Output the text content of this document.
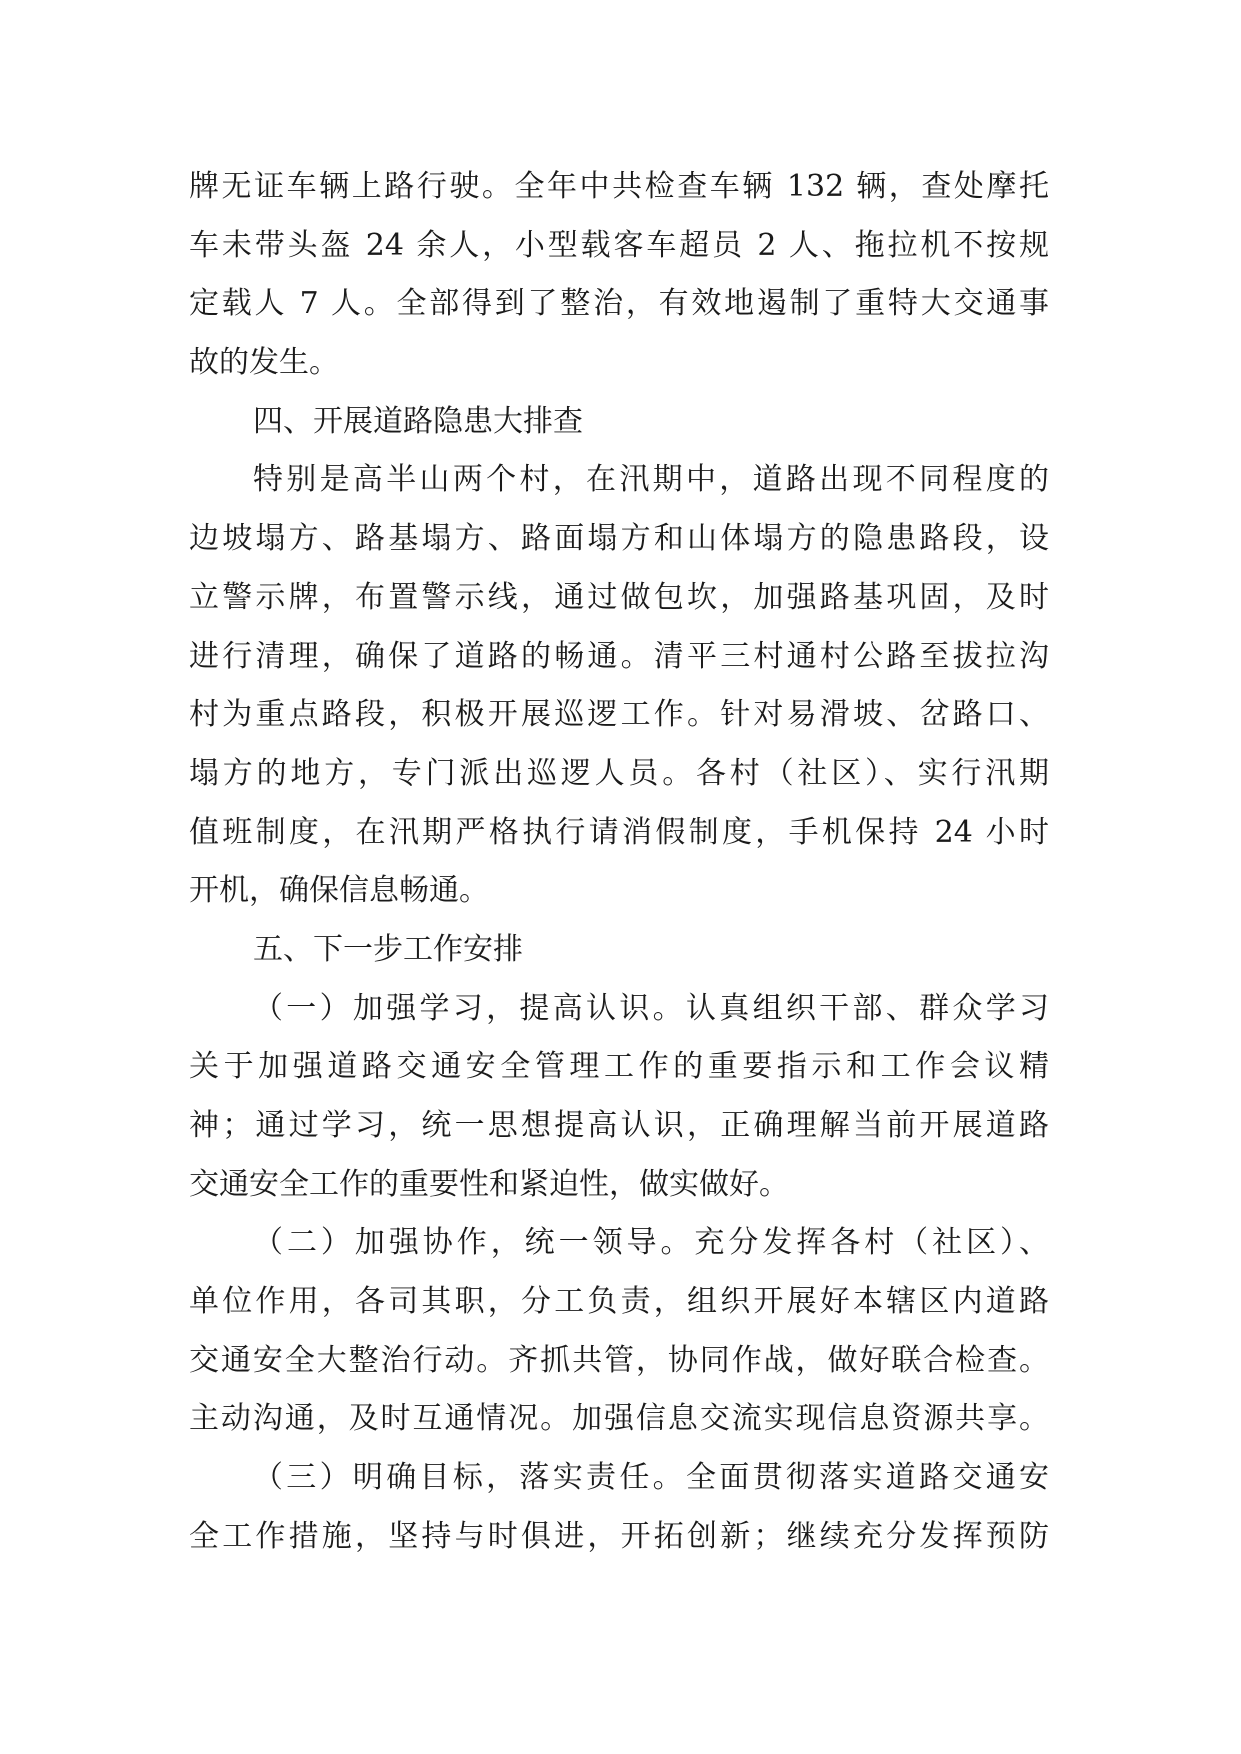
牌无证车辆上路行驶。全年中共检查车辆 132 辆，查处摩托
车未带头盔 24 余人，小型载客车超员 2 人、拖拉机不按规
定载人 7 人。全部得到了整治，有效地遏制了重特大交通事
故的发生。
四、开展道路隐患大排查
特别是高半山两个村，在汛期中，道路出现不同程度的
边坡塌方、路基塌方、路面塌方和山体塌方的隐患路段，设
立警示牌，布置警示线，通过做包坎，加强路基巩固，及时
进行清理，确保了道路的畅通。清平三村通村公路至拔拉沟
村为重点路段，积极开展巡逻工作。针对易滑坡、岔路口、
塌方的地方，专门派出巡逻人员。各村（社区）、实行汛期
值班制度，在汛期严格执行请消假制度，手机保持 24 小时
开机，确保信息畅通。
五、下一步工作安排
（一）加强学习，提高认识。认真组织干部、群众学习
关于加强道路交通安全管理工作的重要指示和工作会议精
神；通过学习，统一思想提高认识，正确理解当前开展道路
交通安全工作的重要性和紧迫性，做实做好。
（二）加强协作，统一领导。充分发挥各村（社区）、
单位作用，各司其职，分工负责，组织开展好本辖区内道路
交通安全大整治行动。齐抓共管，协同作战，做好联合检查。
主动沟通，及时互通情况。加强信息交流实现信息资源共享。
（三）明确目标，落实责任。全面贯彻落实道路交通安
全工作措施，坚持与时俱进，开拓创新；继续充分发挥预防
